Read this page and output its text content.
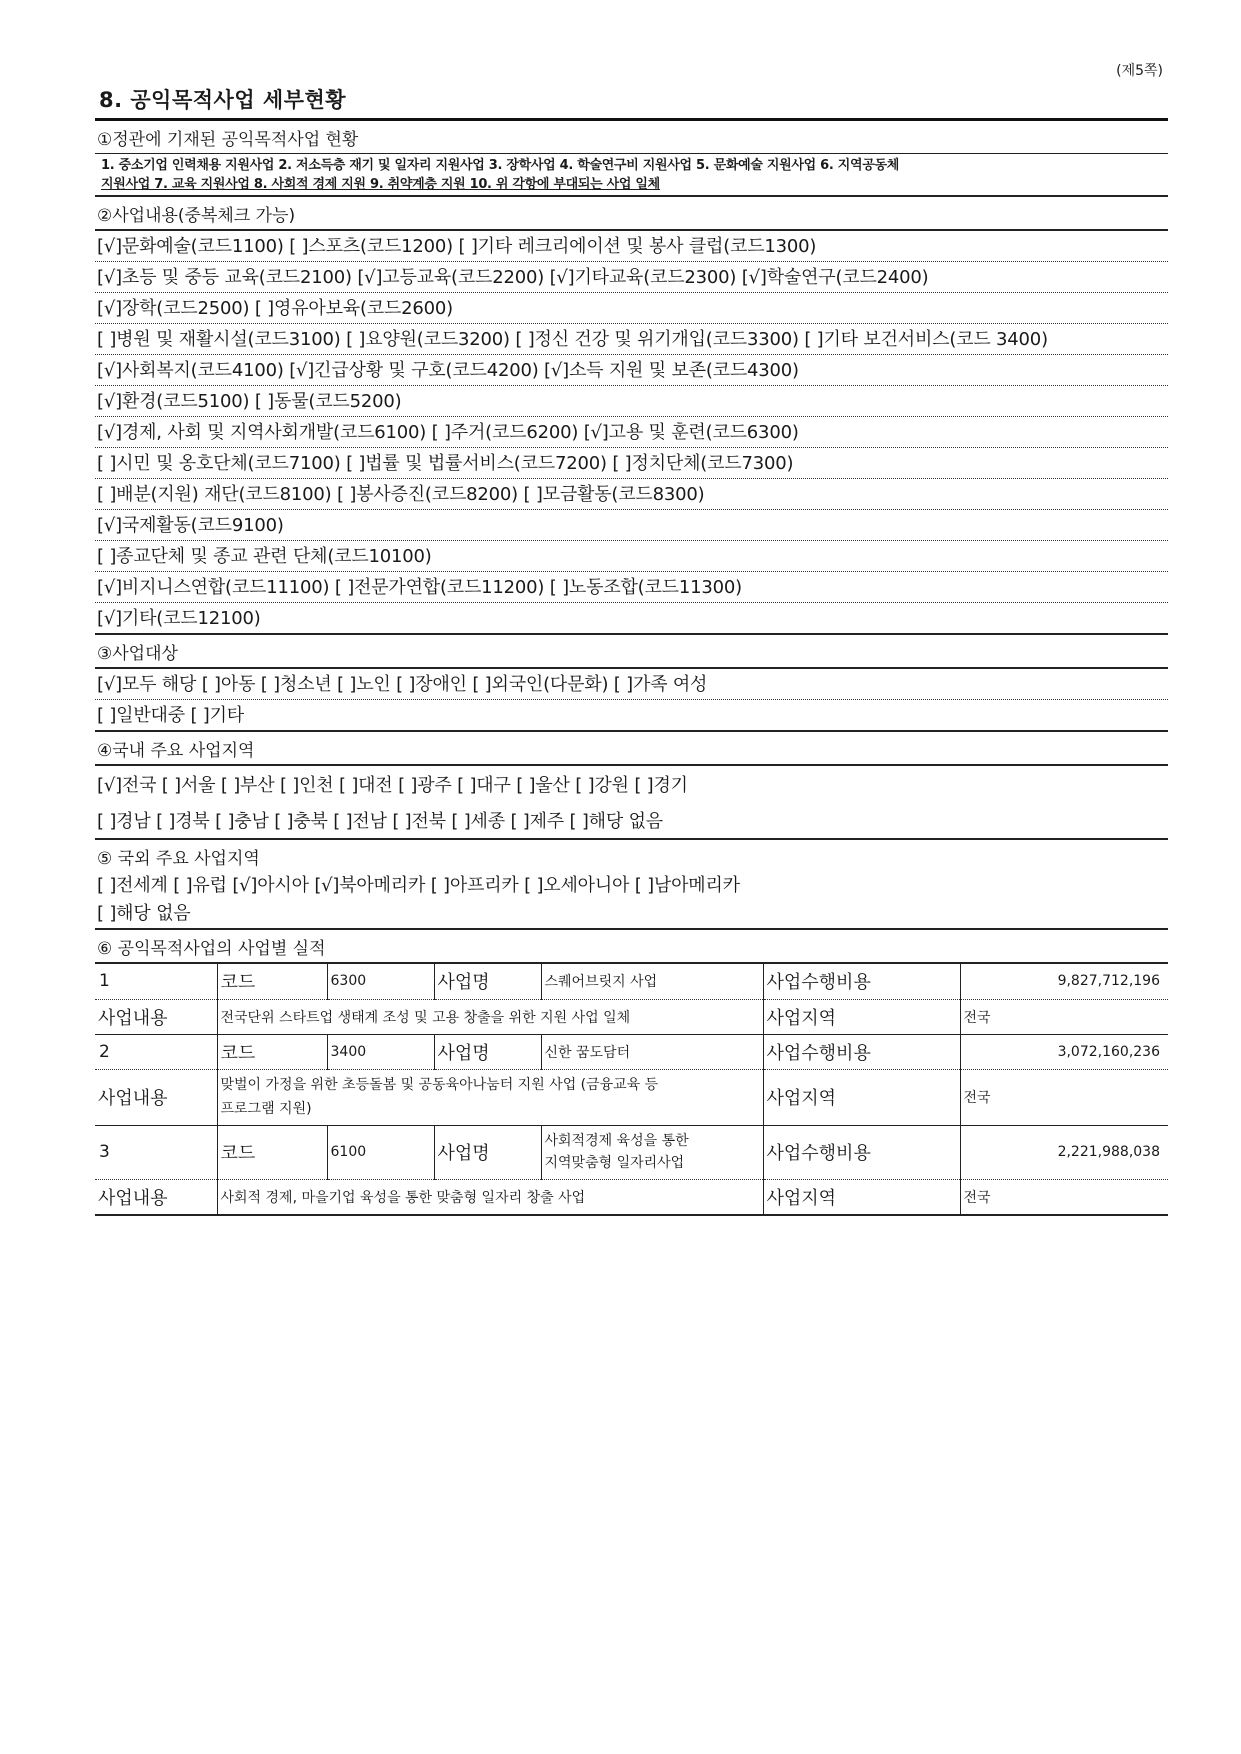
(제5쪽)
8. 공익목적사업 세부현황
①정관에 기재된 공익목적사업 현황
1. 중소기업 인력채용 지원사업 2. 저소득층 재기 및 일자리 지원사업 3. 장학사업 4. 학술연구비 지원사업 5. 문화예술 지원사업 6. 지역공동체
지원사업 7. 교육 지원사업 8. 사회적 경제 지원 9. 취약계층 지원 10. 위 각항에 부대되는 사업 일체
②사업내용(중복체크 가능)
[√]문화예술(코드1100) [ ]스포츠(코드1200) [ ]기타 레크리에이션 및 봉사 클럽(코드1300)
[√]초등 및 중등 교육(코드2100) [√]고등교육(코드2200) [√]기타교육(코드2300) [√]학술연구(코드2400)
[√]장학(코드2500) [ ]영유아보육(코드2600)
[ ]병원 및 재활시설(코드3100) [ ]요양원(코드3200) [ ]정신 건강 및 위기개입(코드3300) [ ]기타 보건서비스(코드 3400)
[√]사회복지(코드4100) [√]긴급상황 및 구호(코드4200) [√]소득 지원 및 보존(코드4300)
[√]환경(코드5100) [ ]동물(코드5200)
[√]경제, 사회 및 지역사회개발(코드6100) [ ]주거(코드6200) [√]고용 및 훈련(코드6300)
[ ]시민 및 옹호단체(코드7100) [ ]법률 및 법률서비스(코드7200) [ ]정치단체(코드7300)
[ ]배분(지원) 재단(코드8100) [ ]봉사증진(코드8200) [ ]모금활동(코드8300)
[√]국제활동(코드9100)
[ ]종교단체 및 종교 관련 단체(코드10100)
[√]비지니스연합(코드11100) [ ]전문가연합(코드11200) [ ]노동조합(코드11300)
[√]기타(코드12100)
③사업대상
[√]모두 해당 [ ]아동 [ ]청소년 [ ]노인 [ ]장애인 [ ]외국인(다문화) [ ]가족 여성
[ ]일반대중 [ ]기타
④국내 주요 사업지역
[√]전국 [ ]서울 [ ]부산 [ ]인천 [ ]대전 [ ]광주 [ ]대구 [ ]울산 [ ]강원 [ ]경기
[ ]경남 [ ]경북 [ ]충남 [ ]충북 [ ]전남 [ ]전북 [ ]세종 [ ]제주 [ ]해당 없음
⑤ 국외 주요 사업지역
[ ]전세계 [ ]유럽 [√]아시아 [√]북아메리카 [ ]아프리카 [ ]오세아니아 [ ]남아메리카
[ ]해당 없음
⑥ 공익목적사업의 사업별 실적
1	코드	6300	사업명	스퀘어브릿지 사업	사업수행비용	9,827,712,196
사업내용	전국단위 스타트업 생태계 조성 및 고용 창출을 위한 지원 사업 일체				사업지역	전국
2	코드	3400	사업명	신한 꿈도담터	사업수행비용	3,072,160,236
사업내용	맞벌이 가정을 위한 초등돌봄 및 공동육아나눔터 지원 사업 (금융교육 등
프로그램 지원)				사업지역	전국
3	코드	6100	사업명	사회적경제 육성을 통한
지역맞춤형 일자리사업	사업수행비용	2,221,988,038
사업내용	사회적 경제, 마을기업 육성을 통한 맞춤형 일자리 창출 사업				사업지역	전국
